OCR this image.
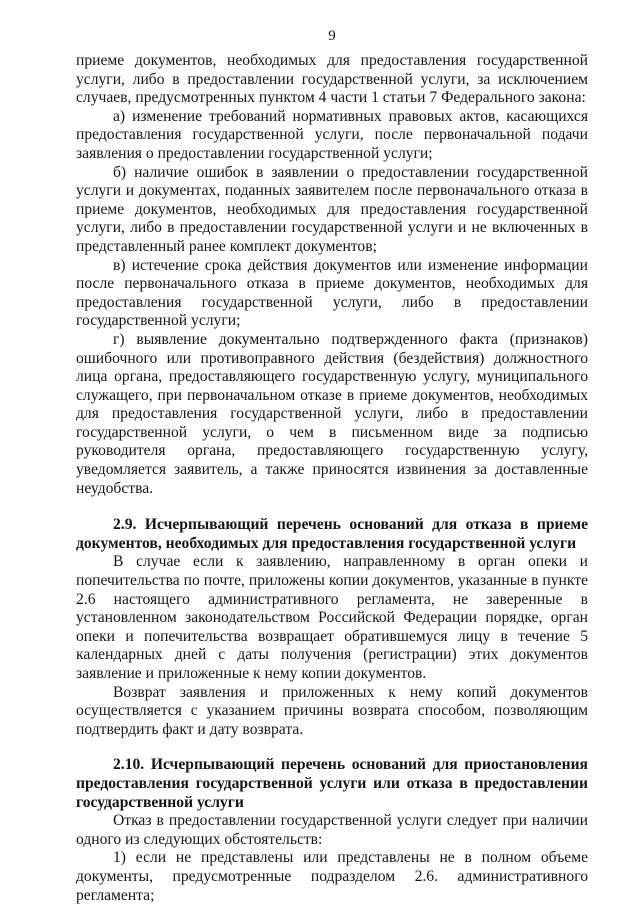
9

приеме документов, необходимых для предоставления государственной услуги, либо в предоставлении государственной услуги, за исключением случаев, предусмотренных пунктом 4 части 1 статьи 7 Федерального закона:

а) изменение требований нормативных правовых актов, касающихся предоставления государственной услуги, после первоначальной подачи заявления о предоставлении государственной услуги;

б) наличие ошибок в заявлении о предоставлении государственной услуги и документах, поданных заявителем после первоначального отказа в приеме документов, необходимых для предоставления государственной услуги, либо в предоставлении государственной услуги и не включенных в представленный ранее комплект документов;

в) истечение срока действия документов или изменение информации после первоначального отказа в приеме документов, необходимых для предоставления государственной услуги, либо в предоставлении государственной услуги;

г) выявление документально подтвержденного факта (признаков) ошибочного или противоправного действия (бездействия) должностного лица органа, предоставляющего государственную услугу, муниципального служащего, при первоначальном отказе в приеме документов, необходимых для предоставления государственной услуги, либо в предоставлении государственной услуги, о чем в письменном виде за подписью руководителя органа, предоставляющего государственную услугу, уведомляется заявитель, а также приносятся извинения за доставленные неудобства.

2.9. Исчерпывающий перечень оснований для отказа в приеме документов, необходимых для предоставления государственной услуги

В случае если к заявлению, направленному в орган опеки и попечительства по почте, приложены копии документов, указанные в пункте 2.6 настоящего административного регламента, не заверенные в установленном законодательством Российской Федерации порядке, орган опеки и попечительства возвращает обратившемуся лицу в течение 5 календарных дней с даты получения (регистрации) этих документов заявление и приложенные к нему копии документов.

Возврат заявления и приложенных к нему копий документов осуществляется с указанием причины возврата способом, позволяющим подтвердить факт и дату возврата.

2.10. Исчерпывающий перечень оснований для приостановления предоставления государственной услуги или отказа в предоставлении государственной услуги

Отказ в предоставлении государственной услуги следует при наличии одного из следующих обстоятельств:

1) если не представлены или представлены не в полном объеме документы, предусмотренные подразделом 2.6. административного регламента;
